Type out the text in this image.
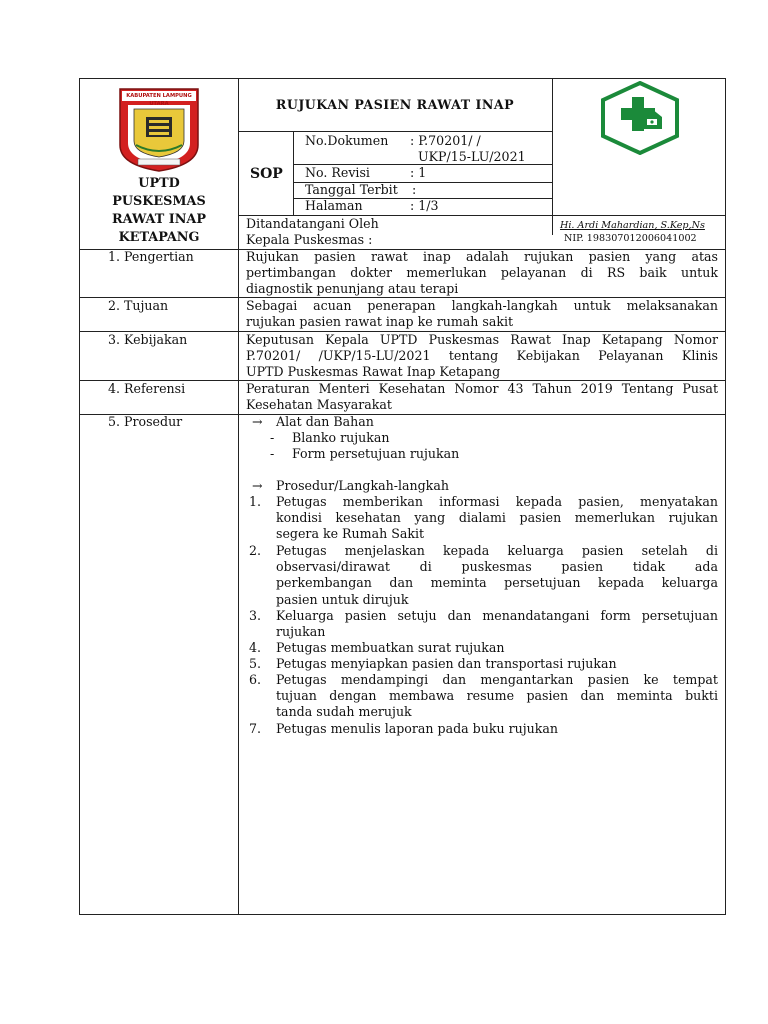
KABUPATEN LAMPUNG UTARA
UPTD
PUSKESMAS
RAWAT INAP
KETAPANG
RUJUKAN PASIEN RAWAT INAP
SOP
No.Dokumen : P.70201/ /
UKP/15-LU/2021
No. Revisi	: 1
Tanggal Terbit :
Halaman	: 1/3
Ditandatangani Oleh
Kepala Puskesmas :
Hi. Ardi Mahardian, S.Kep,Ns
NIP. 198307012006041002
1. Pengertian
2. Tujuan
3. Kebijakan
4. Referensi
5. Prosedur
Rujukan pasien rawat inap adalah rujukan pasien yang atas
pertimbangan dokter memerlukan pelayanan di RS baik untuk
diagnostik penunjang atau terapi
Sebagai acuan penerapan langkah-langkah untuk melaksanakan
rujukan pasien rawat inap ke rumah sakit
Keputusan Kepala UPTD Puskesmas Rawat Inap Ketapang Nomor
P.70201/ /UKP/15-LU/2021 tentang Kebijakan Pelayanan Klinis
UPTD Puskesmas Rawat Inap Ketapang
Peraturan Menteri Kesehatan Nomor 43 Tahun 2019 Tentang Pusat
Kesehatan Masyarakat
→ Alat dan Bahan
- Blanko rujukan
- Form persetujuan rujukan
→ Prosedur/Langkah-langkah
1. Petugas memberikan informasi kepada pasien, menyatakan
kondisi kesehatan yang dialami pasien memerlukan rujukan
segera ke Rumah Sakit
2. Petugas menjelaskan kepada keluarga pasien setelah di
observasi/dirawat di puskesmas pasien tidak ada
perkembangan dan meminta persetujuan kepada keluarga
pasien untuk dirujuk
3. Keluarga pasien setuju dan menandatangani form persetujuan
rujukan
4. Petugas membuatkan surat rujukan
5. Petugas menyiapkan pasien dan transportasi rujukan
6. Petugas mendampingi dan mengantarkan pasien ke tempat
tujuan dengan membawa resume pasien dan meminta bukti
tanda sudah merujuk
7. Petugas menulis laporan pada buku rujukan
